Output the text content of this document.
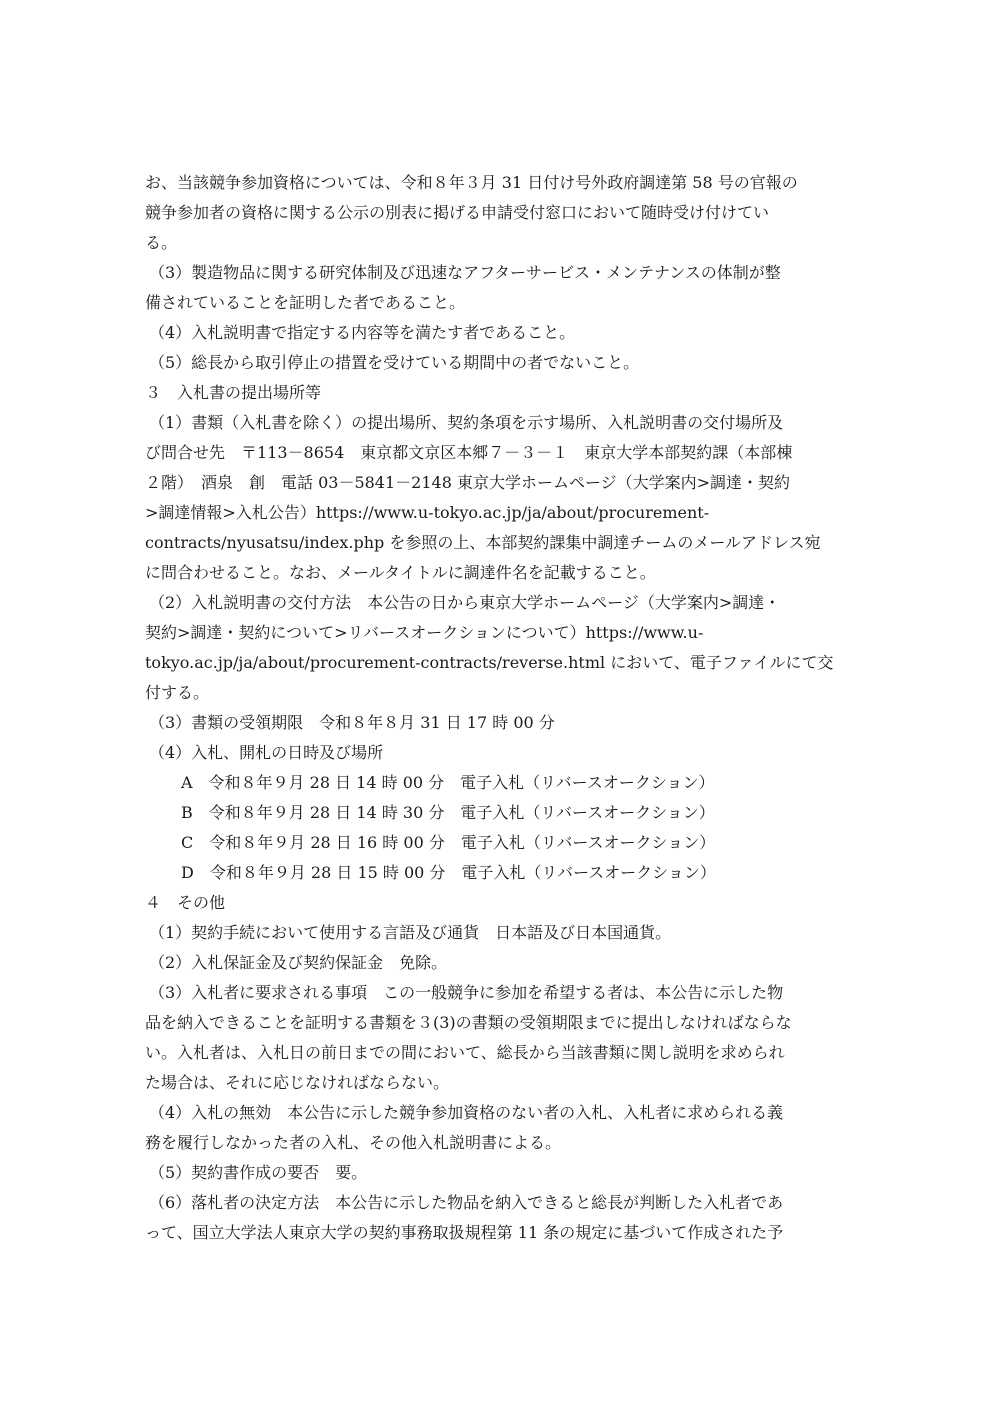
お、当該競争参加資格については、令和８年３月 31 日付け号外政府調達第 58 号の官報の
競争参加者の資格に関する公示の別表に掲げる申請受付窓口において随時受け付けてい
る。
（3）製造物品に関する研究体制及び迅速なアフターサービス・メンテナンスの体制が整
備されていることを証明した者であること。
（4）入札説明書で指定する内容等を満たす者であること。
（5）総長から取引停止の措置を受けている期間中の者でないこと。
３　入札書の提出場所等
（1）書類（入札書を除く）の提出場所、契約条項を示す場所、入札説明書の交付場所及
び問合せ先　〒113－8654　東京都文京区本郷７－３－１　東京大学本部契約課（本部棟
２階）　酒泉　創　電話 03－5841－2148 東京大学ホームページ（大学案内>調達・契約
>調達情報>入札公告）https://www.u-tokyo.ac.jp/ja/about/procurement-
contracts/nyusatsu/index.php を参照の上、本部契約課集中調達チームのメールアドレス宛
に問合わせること。なお、メールタイトルに調達件名を記載すること。
（2）入札説明書の交付方法　本公告の日から東京大学ホームページ（大学案内>調達・
契約>調達・契約について>リバースオークションについて）https://www.u-
tokyo.ac.jp/ja/about/procurement-contracts/reverse.html において、電子ファイルにて交
付する。
（3）書類の受領期限　令和８年８月 31 日 17 時 00 分
（4）入札、開札の日時及び場所
A　令和８年９月 28 日 14 時 00 分　電子入札（リバースオークション）
B　令和８年９月 28 日 14 時 30 分　電子入札（リバースオークション）
C　令和８年９月 28 日 16 時 00 分　電子入札（リバースオークション）
D　令和８年９月 28 日 15 時 00 分　電子入札（リバースオークション）
４　その他
（1）契約手続において使用する言語及び通貨　日本語及び日本国通貨。
（2）入札保証金及び契約保証金　免除。
（3）入札者に要求される事項　この一般競争に参加を希望する者は、本公告に示した物
品を納入できることを証明する書類を３(3)の書類の受領期限までに提出しなければならな
い。入札者は、入札日の前日までの間において、総長から当該書類に関し説明を求められ
た場合は、それに応じなければならない。
（4）入札の無効　本公告に示した競争参加資格のない者の入札、入札者に求められる義
務を履行しなかった者の入札、その他入札説明書による。
（5）契約書作成の要否　要。
（6）落札者の決定方法　本公告に示した物品を納入できると総長が判断した入札者であ
って、国立大学法人東京大学の契約事務取扱規程第 11 条の規定に基づいて作成された予
